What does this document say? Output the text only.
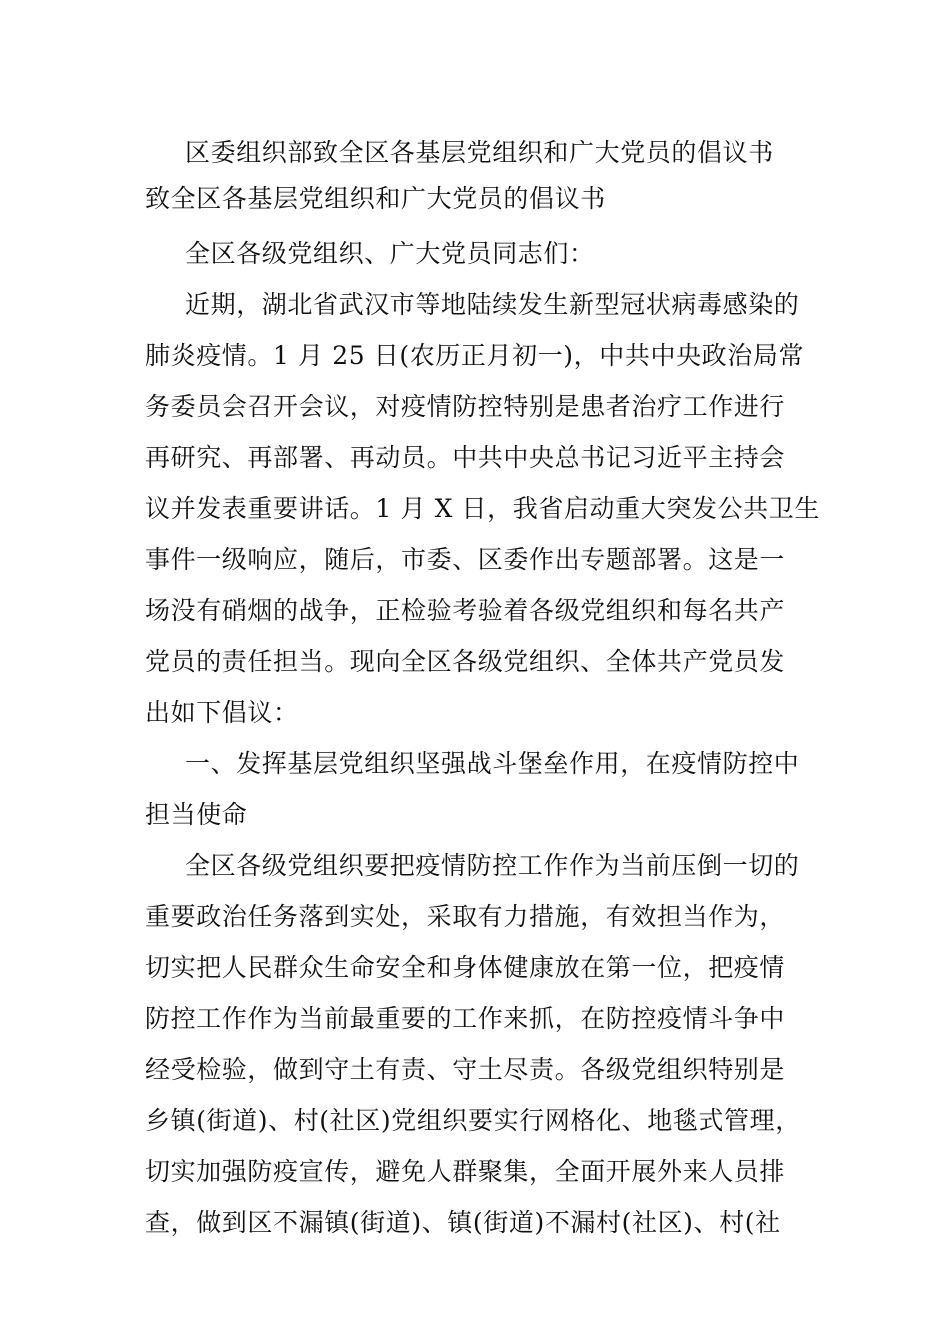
区委组织部致全区各基层党组织和广大党员的倡议书
致全区各基层党组织和广大党员的倡议书
全区各级党组织、广大党员同志们：
近期，湖北省武汉市等地陆续发生新型冠状病毒感染的
肺炎疫情。1 月 25 日(农历正月初一)，中共中央政治局常
务委员会召开会议，对疫情防控特别是患者治疗工作进行
再研究、再部署、再动员。中共中央总书记习近平主持会
议并发表重要讲话。1 月 X 日，我省启动重大突发公共卫生
事件一级响应，随后，市委、区委作出专题部署。这是一
场没有硝烟的战争，正检验考验着各级党组织和每名共产
党员的责任担当。现向全区各级党组织、全体共产党员发
出如下倡议：
一、发挥基层党组织坚强战斗堡垒作用，在疫情防控中
担当使命
全区各级党组织要把疫情防控工作作为当前压倒一切的
重要政治任务落到实处，采取有力措施，有效担当作为，
切实把人民群众生命安全和身体健康放在第一位，把疫情
防控工作作为当前最重要的工作来抓，在防控疫情斗争中
经受检验，做到守土有责、守土尽责。各级党组织特别是
乡镇(街道)、村(社区)党组织要实行网格化、地毯式管理，
切实加强防疫宣传，避免人群聚集，全面开展外来人员排
查，做到区不漏镇(街道)、镇(街道)不漏村(社区)、村(社
